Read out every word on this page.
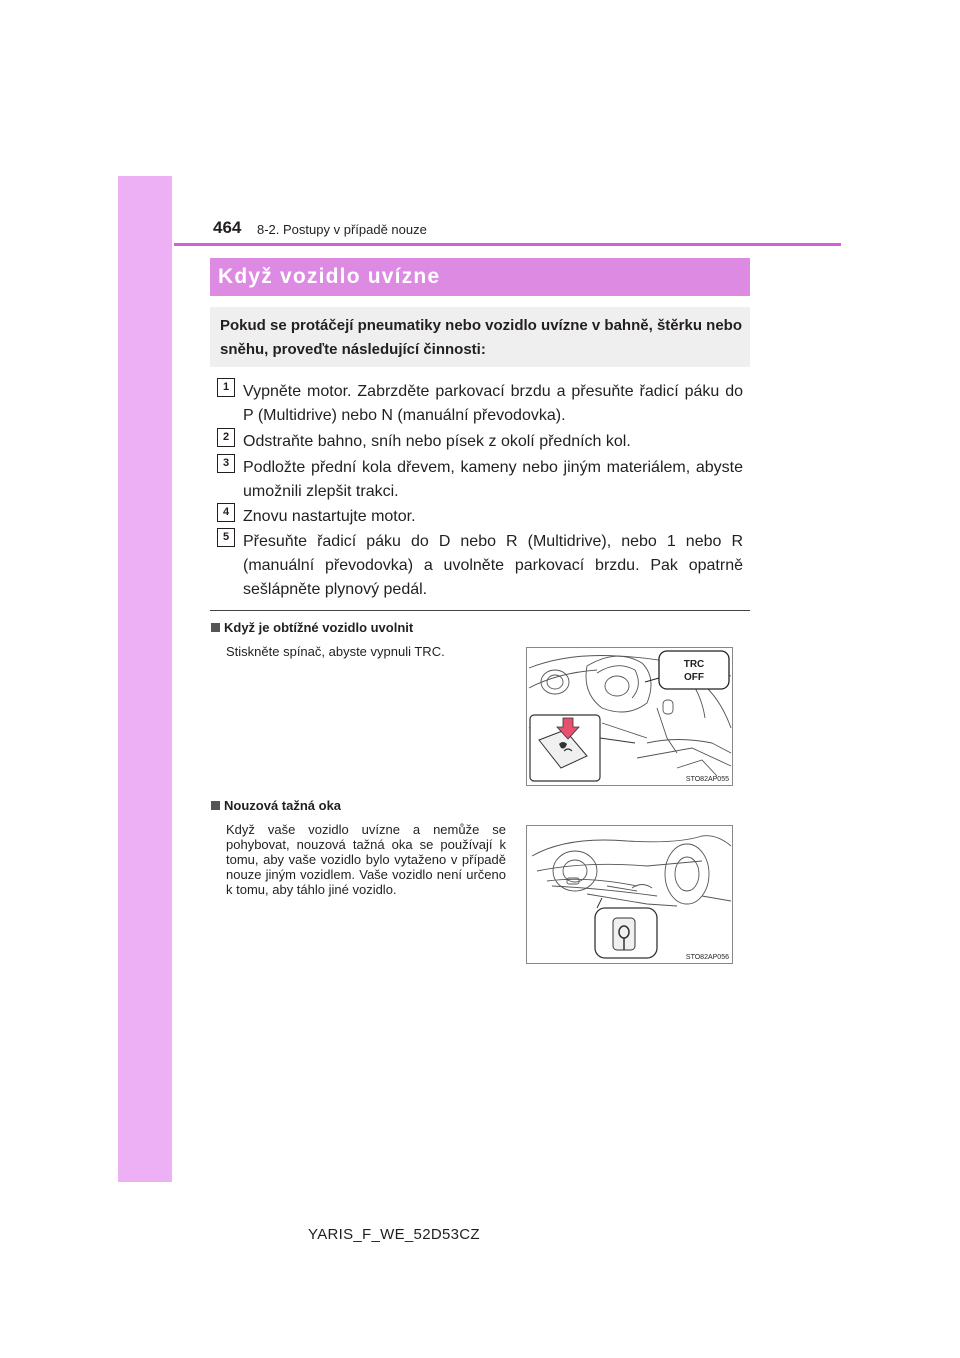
464 8-2. Postupy v případě nouze
Když vozidlo uvízne
Pokud se protáčejí pneumatiky nebo vozidlo uvízne v bahně, štěrku nebo sněhu, proveďte následující činnosti:
1 Vypněte motor. Zabrzděte parkovací brzdu a přesuňte řadicí páku do P (Multidrive) nebo N (manuální převodovka).
2 Odstraňte bahno, sníh nebo písek z okolí předních kol.
3 Podložte přední kola dřevem, kameny nebo jiným materiálem, abyste umožnili zlepšit trakci.
4 Znovu nastartujte motor.
5 Přesuňte řadicí páku do D nebo R (Multidrive), nebo 1 nebo R (manuální převodovka) a uvolněte parkovací brzdu. Pak opatrně sešlápněte plynový pedál.
Když je obtížné vozidlo uvolnit
Stiskněte spínač, abyste vypnuli TRC.
TRC
OFF
STO82AP055
Nouzová tažná oka
Když vaše vozidlo uvízne a nemůže se pohybovat, nouzová tažná oka se používají k tomu, aby vaše vozidlo bylo vytaženo v případě nouze jiným vozidlem. Vaše vozidlo není určeno k tomu, aby táhlo jiné vozidlo.
STO82AP056
YARIS_F_WE_52D53CZ
